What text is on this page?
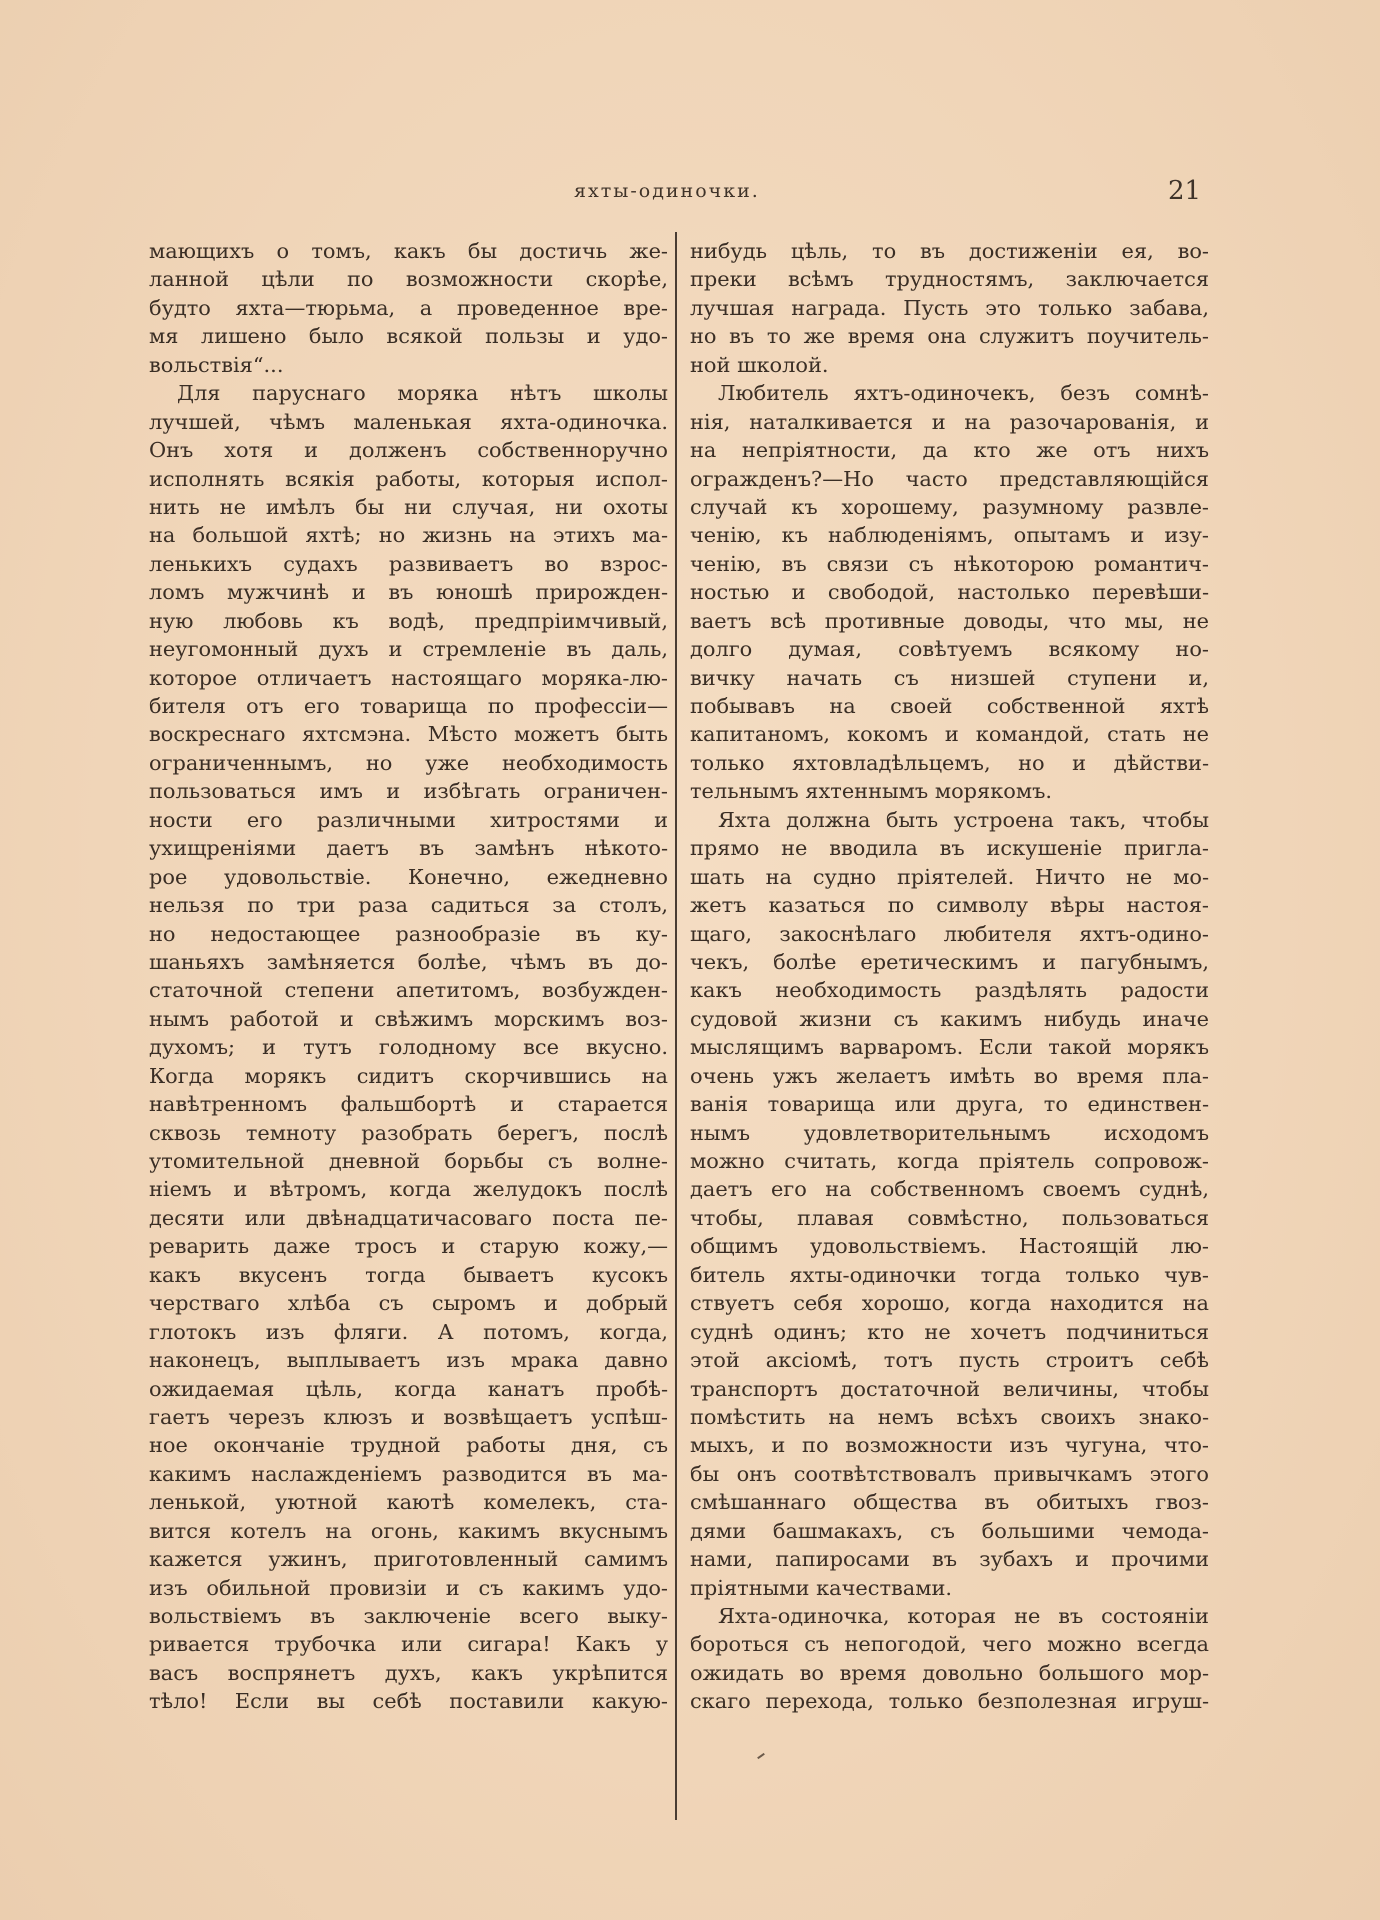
яхты-одиночки.	21
мающихъ о томъ, какъ бы достичь же-
ланной цѣли по возможности скорѣе,
будто яхта—тюрьма, а проведенное вре-
мя лишено было всякой пользы и удо-
вольствія“...
Для паруснаго моряка нѣтъ школы
лучшей, чѣмъ маленькая яхта-одиночка.
Онъ хотя и долженъ собственноручно
исполнять всякія работы, которыя испол-
нить не имѣлъ бы ни случая, ни охоты
на большой яхтѣ; но жизнь на этихъ ма-
ленькихъ судахъ развиваетъ во взрос-
ломъ мужчинѣ и въ юношѣ прирожден-
ную любовь къ водѣ, предпріимчивый,
неугомонный духъ и стремленіе въ даль,
которое отличаетъ настоящаго моряка-лю-
бителя отъ его товарища по профессіи—
воскреснаго яхтсмэна. Мѣсто можетъ быть
ограниченнымъ, но уже необходимость
пользоваться имъ и избѣгать ограничен-
ности его различными хитростями и
ухищреніями даетъ въ замѣнъ нѣкото-
рое удовольствіе. Конечно, ежедневно
нельзя по три раза садиться за столъ,
но недостающее разнообразіе въ ку-
шаньяхъ замѣняется болѣе, чѣмъ въ до-
статочной степени апетитомъ, возбужден-
нымъ работой и свѣжимъ морскимъ воз-
духомъ; и тутъ голодному все вкусно.
Когда морякъ сидитъ скорчившись на
навѣтренномъ фальшбортѣ и старается
сквозь темноту разобрать берегъ, послѣ
утомительной дневной борьбы съ волне-
ніемъ и вѣтромъ, когда желудокъ послѣ
десяти или двѣнадцатичасоваго поста пе-
реварить даже тросъ и старую кожу,—
какъ вкусенъ тогда бываетъ кусокъ
черстваго хлѣба съ сыромъ и добрый
глотокъ изъ фляги. А потомъ, когда,
наконецъ, выплываетъ изъ мрака давно
ожидаемая цѣль, когда канатъ пробѣ-
гаетъ черезъ клюзъ и возвѣщаетъ успѣш-
ное окончаніе трудной работы дня, съ
какимъ наслажденіемъ разводится въ ма-
ленькой, уютной каютѣ комелекъ, ста-
вится котелъ на огонь, какимъ вкуснымъ
кажется ужинъ, приготовленный самимъ
изъ обильной провизіи и съ какимъ удо-
вольствіемъ въ заключеніе всего выку-
ривается трубочка или сигара! Какъ у
васъ воспрянетъ духъ, какъ укрѣпится
тѣло! Если вы себѣ поставили какую-
нибудь цѣль, то въ достиженіи ея, во-
преки всѣмъ трудностямъ, заключается
лучшая награда. Пусть это только забава,
но въ то же время она служитъ поучитель-
ной школой.
Любитель яхтъ-одиночекъ, безъ сомнѣ-
нія, наталкивается и на разочарованія, и
на непріятности, да кто же отъ нихъ
огражденъ?—Но часто представляющійся
случай къ хорошему, разумному развле-
ченію, къ наблюденіямъ, опытамъ и изу-
ченію, въ связи съ нѣкоторою романтич-
ностью и свободой, настолько перевѣши-
ваетъ всѣ противные доводы, что мы, не
долго думая, совѣтуемъ всякому но-
вичку начать съ низшей ступени и,
побывавъ на своей собственной яхтѣ
капитаномъ, кокомъ и командой, стать не
только яхтовладѣльцемъ, но и дѣйстви-
тельнымъ яхтеннымъ морякомъ.
Яхта должна быть устроена такъ, чтобы
прямо не вводила въ искушеніе пригла-
шать на судно пріятелей. Ничто не мо-
жетъ казаться по символу вѣры настоя-
щаго, закоснѣлаго любителя яхтъ-одино-
чекъ, болѣе еретическимъ и пагубнымъ,
какъ необходимость раздѣлять радости
судовой жизни съ какимъ нибудь иначе
мыслящимъ варваромъ. Если такой морякъ
очень ужъ желаетъ имѣть во время пла-
ванія товарища или друга, то единствен-
нымъ удовлетворительнымъ исходомъ
можно считать, когда пріятель сопровож-
даетъ его на собственномъ своемъ суднѣ,
чтобы, плавая совмѣстно, пользоваться
общимъ удовольствіемъ. Настоящій лю-
битель яхты-одиночки тогда только чув-
ствуетъ себя хорошо, когда находится на
суднѣ одинъ; кто не хочетъ подчиниться
этой аксіомѣ, тотъ пусть строитъ себѣ
транспортъ достаточной величины, чтобы
помѣстить на немъ всѣхъ своихъ знако-
мыхъ, и по возможности изъ чугуна, что-
бы онъ соотвѣтствовалъ привычкамъ этого
смѣшаннаго общества въ обитыхъ гвоз-
дями башмакахъ, съ большими чемода-
нами, папиросами въ зубахъ и прочими
пріятными качествами.
Яхта-одиночка, которая не въ состояніи
бороться съ непогодой, чего можно всегда
ожидать во время довольно большого мор-
скаго перехода, только безполезная игруш-
